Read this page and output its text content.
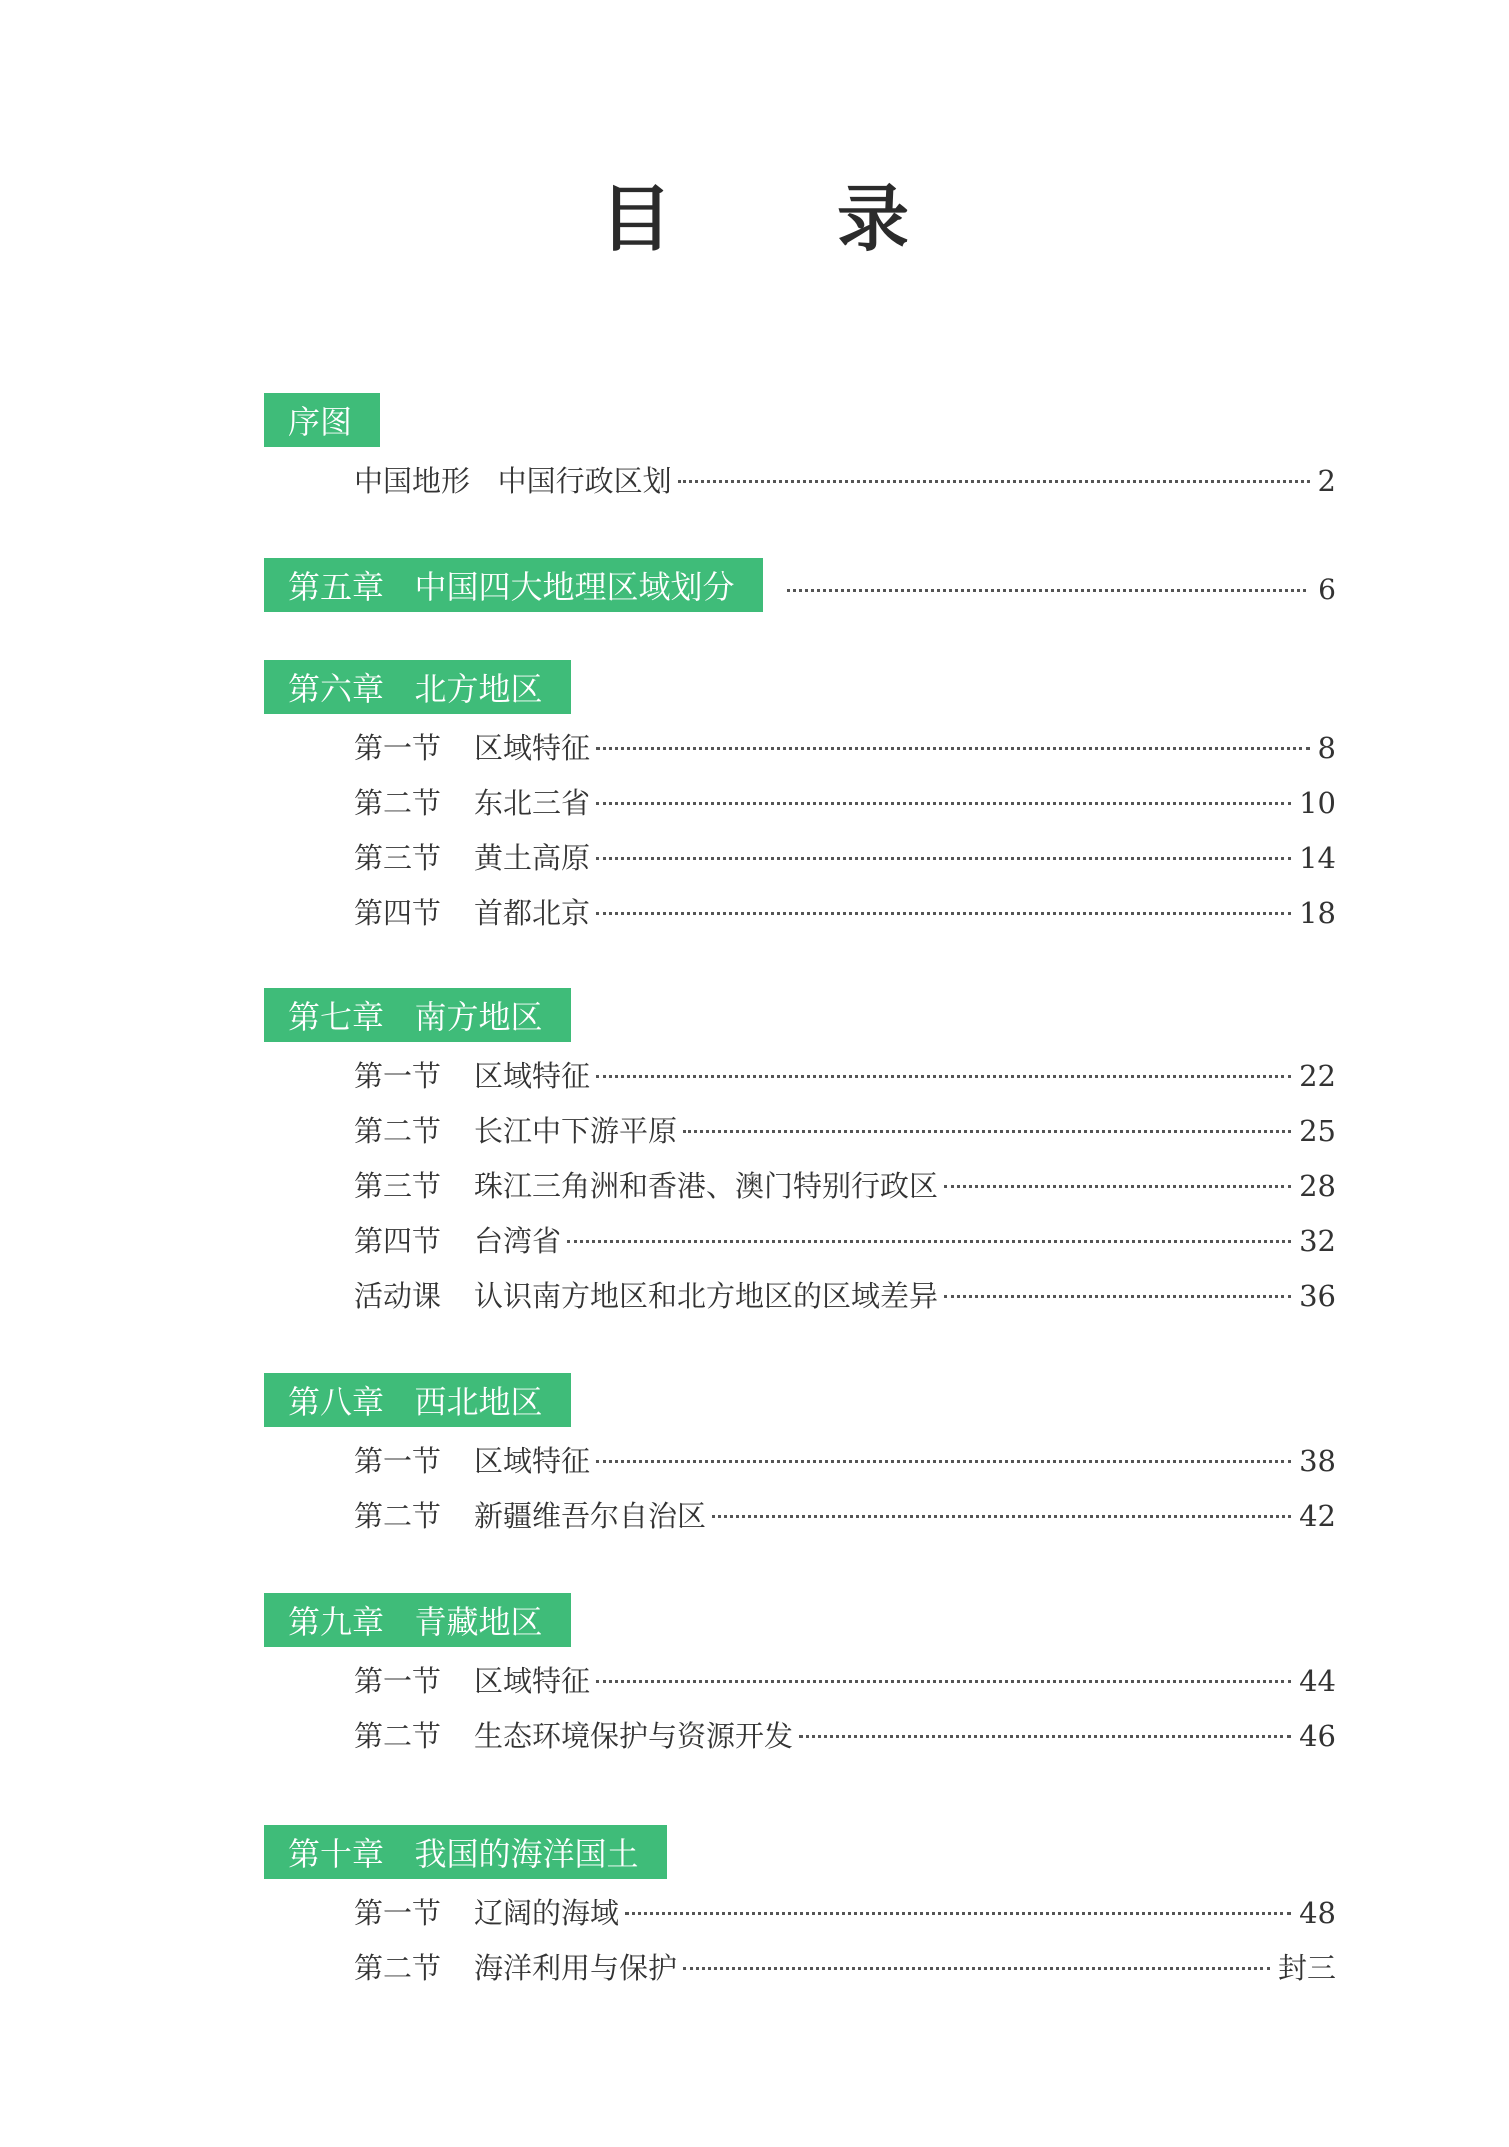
目 录
序图
中国地形   中国行政区划	2
第五章   中国四大地理区域划分	6
第六章   北方地区
第一节	区域特征	8
第二节	东北三省	10
第三节	黄土高原	14
第四节	首都北京	18
第七章   南方地区
第一节	区域特征	22
第二节	长江中下游平原	25
第三节	珠江三角洲和香港、澳门特别行政区	28
第四节	台湾省	32
活动课	认识南方地区和北方地区的区域差异	36
第八章   西北地区
第一节	区域特征	38
第二节	新疆维吾尔自治区	42
第九章   青藏地区
第一节	区域特征	44
第二节	生态环境保护与资源开发	46
第十章   我国的海洋国土
第一节	辽阔的海域	48
第二节	海洋利用与保护	封三
